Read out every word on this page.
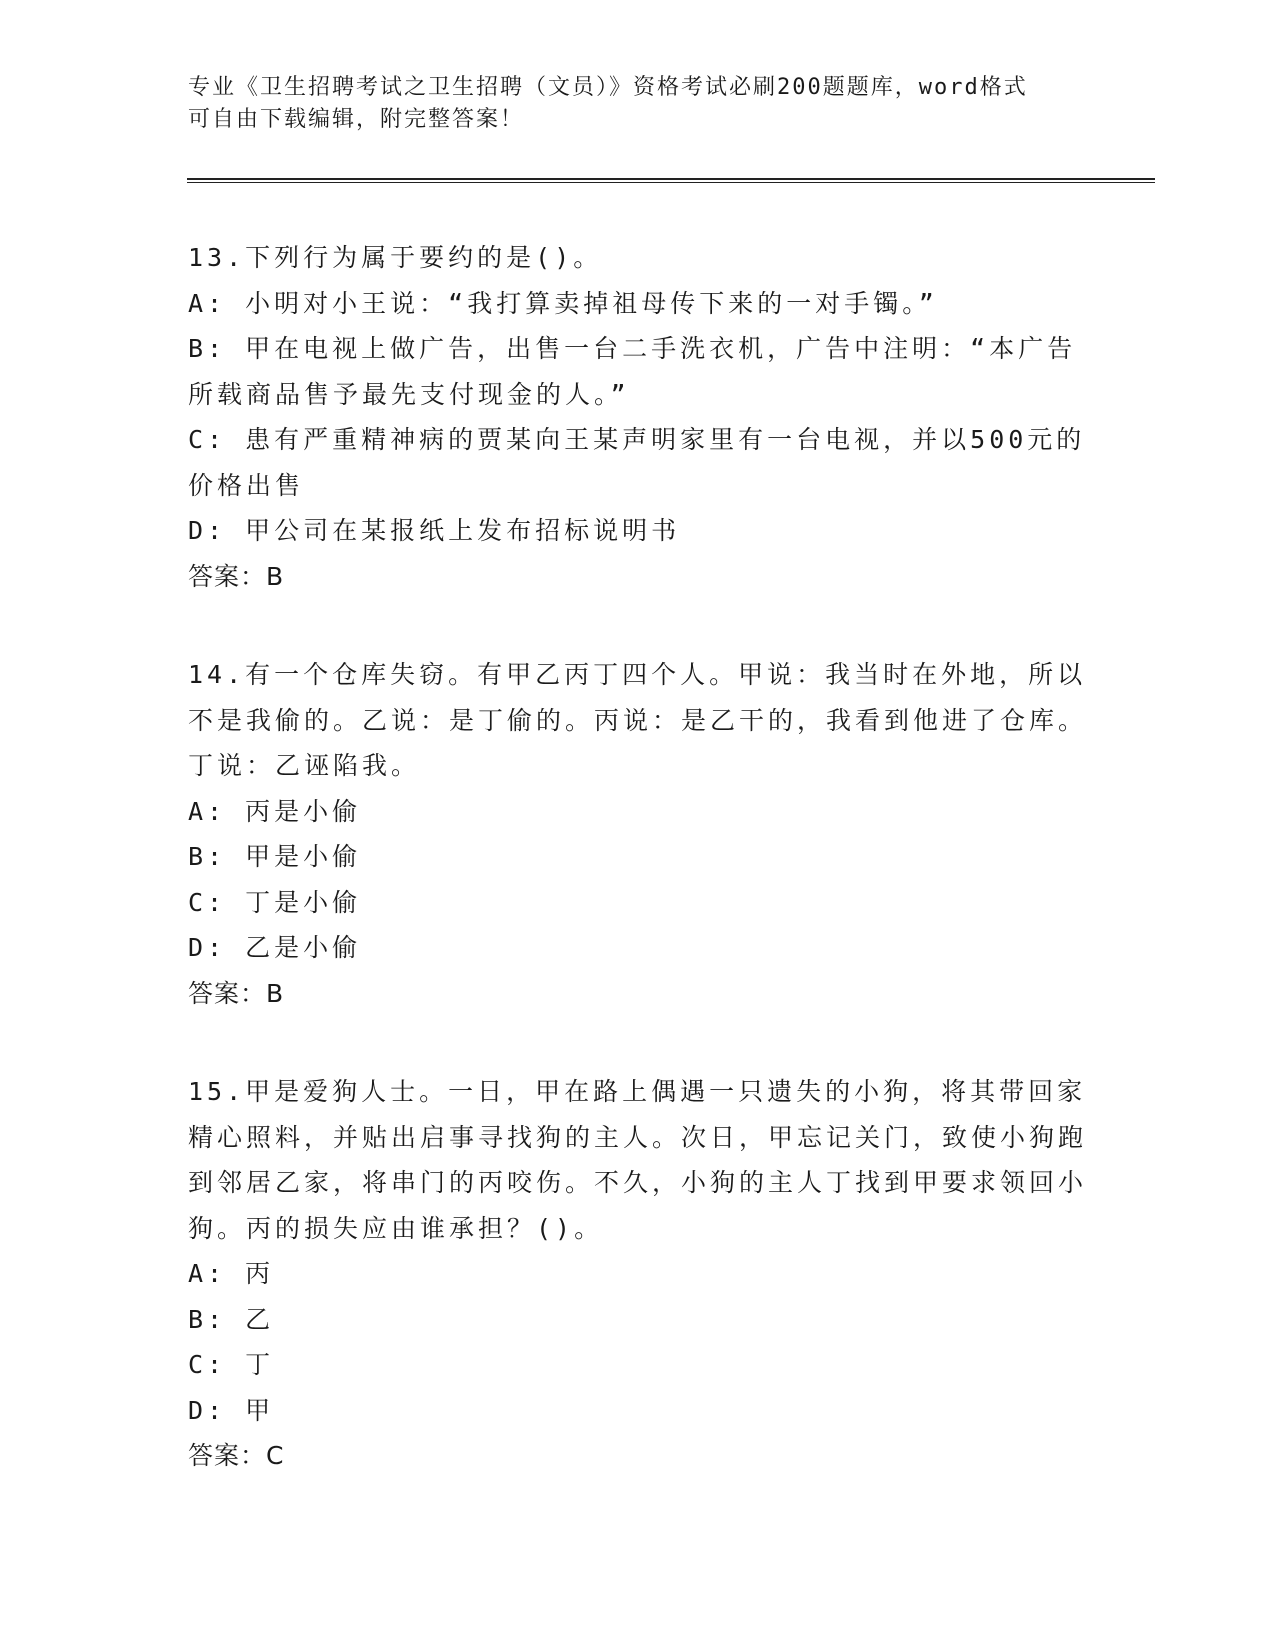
专业《卫生招聘考试之卫生招聘（文员）》资格考试必刷200题题库，word格式
可自由下载编辑，附完整答案！
13.下列行为属于要约的是()。
A: 小明对小王说：“我打算卖掉祖母传下来的一对手镯。”
B: 甲在电视上做广告，出售一台二手洗衣机，广告中注明：“本广告所载商品售予最先支付现金的人。”
C: 患有严重精神病的贾某向王某声明家里有一台电视，并以500元的价格出售
D: 甲公司在某报纸上发布招标说明书
答案：B
14.有一个仓库失窃。有甲乙丙丁四个人。甲说：我当时在外地，所以不是我偷的。乙说：是丁偷的。丙说：是乙干的，我看到他进了仓库。丁说：乙诬陷我。
A: 丙是小偷
B: 甲是小偷
C: 丁是小偷
D: 乙是小偷
答案：B
15.甲是爱狗人士。一日，甲在路上偶遇一只遗失的小狗，将其带回家精心照料，并贴出启事寻找狗的主人。次日，甲忘记关门，致使小狗跑到邻居乙家，将串门的丙咬伤。不久，小狗的主人丁找到甲要求领回小狗。丙的损失应由谁承担？()。
A: 丙
B: 乙
C: 丁
D: 甲
答案：C
